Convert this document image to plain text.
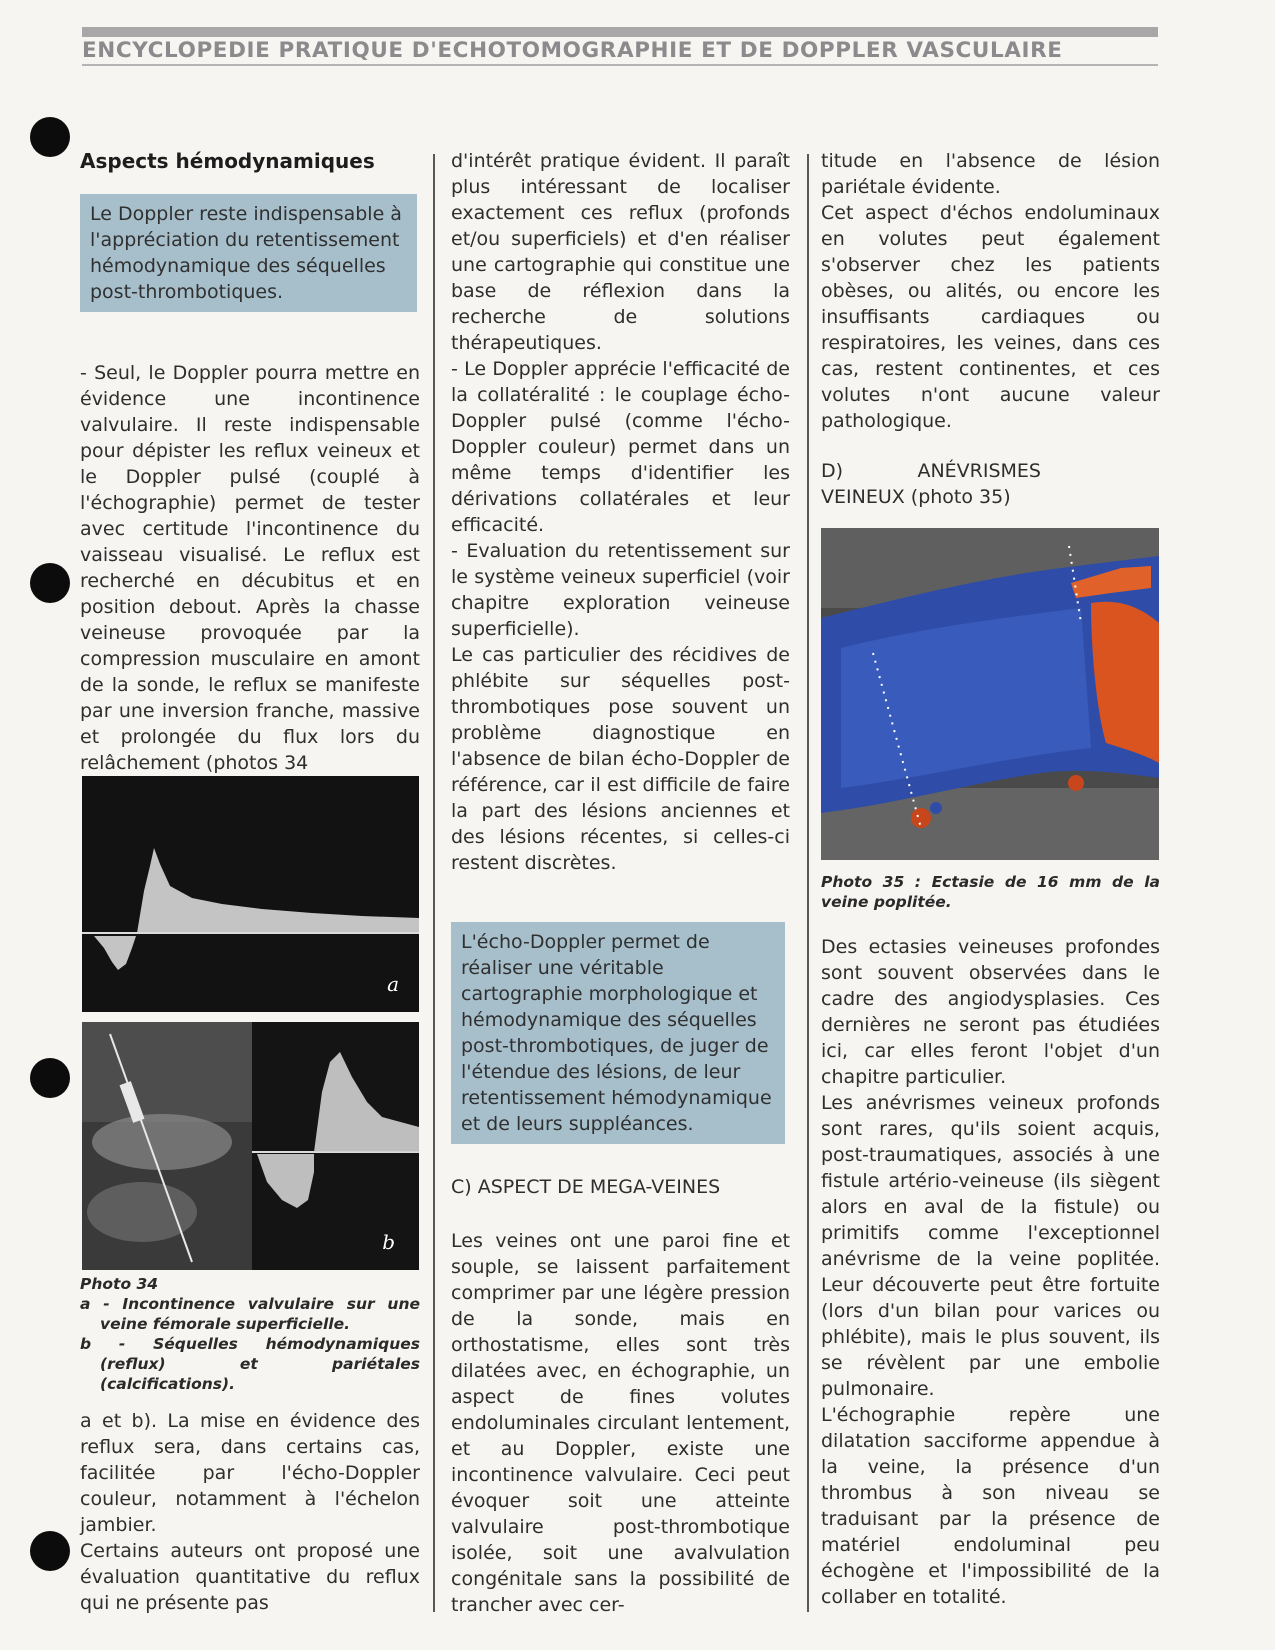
ENCYCLOPEDIE PRATIQUE D'ECHOTOMOGRAPHIE ET DE DOPPLER VASCULAIRE

Aspects hémodynamiques

Le Doppler reste indispensable à l'appréciation du retentissement hémodynamique des séquelles post-thrombotiques.

- Seul, le Doppler pourra mettre en évidence une incontinence valvulaire. Il reste indispensable pour dépister les reflux veineux et le Doppler pulsé (couplé à l'échographie) permet de tester avec certitude l'incontinence du vaisseau visualisé. Le reflux est recherché en décubitus et en position debout. Après la chasse veineuse provoquée par la compression musculaire en amont de la sonde, le reflux se manifeste par une inversion franche, massive et prolongée du flux lors du relâchement (photos 34

a
b
Photo 34
a - Incontinence valvulaire sur une veine fémorale superficielle.
b - Séquelles hémodynamiques (reflux) et pariétales (calcifications).

a et b). La mise en évidence des reflux sera, dans certains cas, facilitée par l'écho-Doppler couleur, notamment à l'échelon jambier.

Certains auteurs ont proposé une évaluation quantitative du reflux qui ne présente pas

d'intérêt pratique évident. Il paraît plus intéressant de localiser exactement ces reflux (profonds et/ou superficiels) et d'en réaliser une cartographie qui constitue une base de réflexion dans la recherche de solutions thérapeutiques.

- Le Doppler apprécie l'efficacité de la collatéralité : le couplage écho-Doppler pulsé (comme l'écho-Doppler couleur) permet dans un même temps d'identifier les dérivations collatérales et leur efficacité.

- Evaluation du retentissement sur le système veineux superficiel (voir chapitre exploration veineuse superficielle).

Le cas particulier des récidives de phlébite sur séquelles post-thrombotiques pose souvent un problème diagnostique en l'absence de bilan écho-Doppler de référence, car il est difficile de faire la part des lésions anciennes et des lésions récentes, si celles-ci restent discrètes.

L'écho-Doppler permet de réaliser une véritable cartographie morphologique et hémodynamique des séquelles post-thrombotiques, de juger de l'étendue des lésions, de leur retentissement hémodynamique et de leurs suppléances.

C) ASPECT DE MEGA-VEINES

Les veines ont une paroi fine et souple, se laissent parfaitement comprimer par une légère pression de la sonde, mais en orthostatisme, elles sont très dilatées avec, en échographie, un aspect de fines volutes endoluminales circulant lentement, et au Doppler, existe une incontinence valvulaire. Ceci peut évoquer soit une atteinte valvulaire post-thrombotique isolée, soit une avalvulation congénitale sans la possibilité de trancher avec cer-

titude en l'absence de lésion pariétale évidente.

Cet aspect d'échos endoluminaux en volutes peut également s'observer chez les patients obèses, ou alités, ou encore les insuffisants cardiaques ou respiratoires, les veines, dans ces cas, restent continentes, et ces volutes n'ont aucune valeur pathologique.

D) ANÉVRISMES VEINEUX (photo 35)

Photo 35 : Ectasie de 16 mm de la veine poplitée.

Des ectasies veineuses profondes sont souvent observées dans le cadre des angiodysplasies. Ces dernières ne seront pas étudiées ici, car elles feront l'objet d'un chapitre particulier.

Les anévrismes veineux profonds sont rares, qu'ils soient acquis, post-traumatiques, associés à une fistule artério-veineuse (ils siègent alors en aval de la fistule) ou primitifs comme l'exceptionnel anévrisme de la veine poplitée. Leur découverte peut être fortuite (lors d'un bilan pour varices ou phlébite), mais le plus souvent, ils se révèlent par une embolie pulmonaire.

L'échographie repère une dilatation sacciforme appendue à la veine, la présence d'un thrombus à son niveau se traduisant par la présence de matériel endoluminal peu échogène et l'impossibilité de la collaber en totalité.
